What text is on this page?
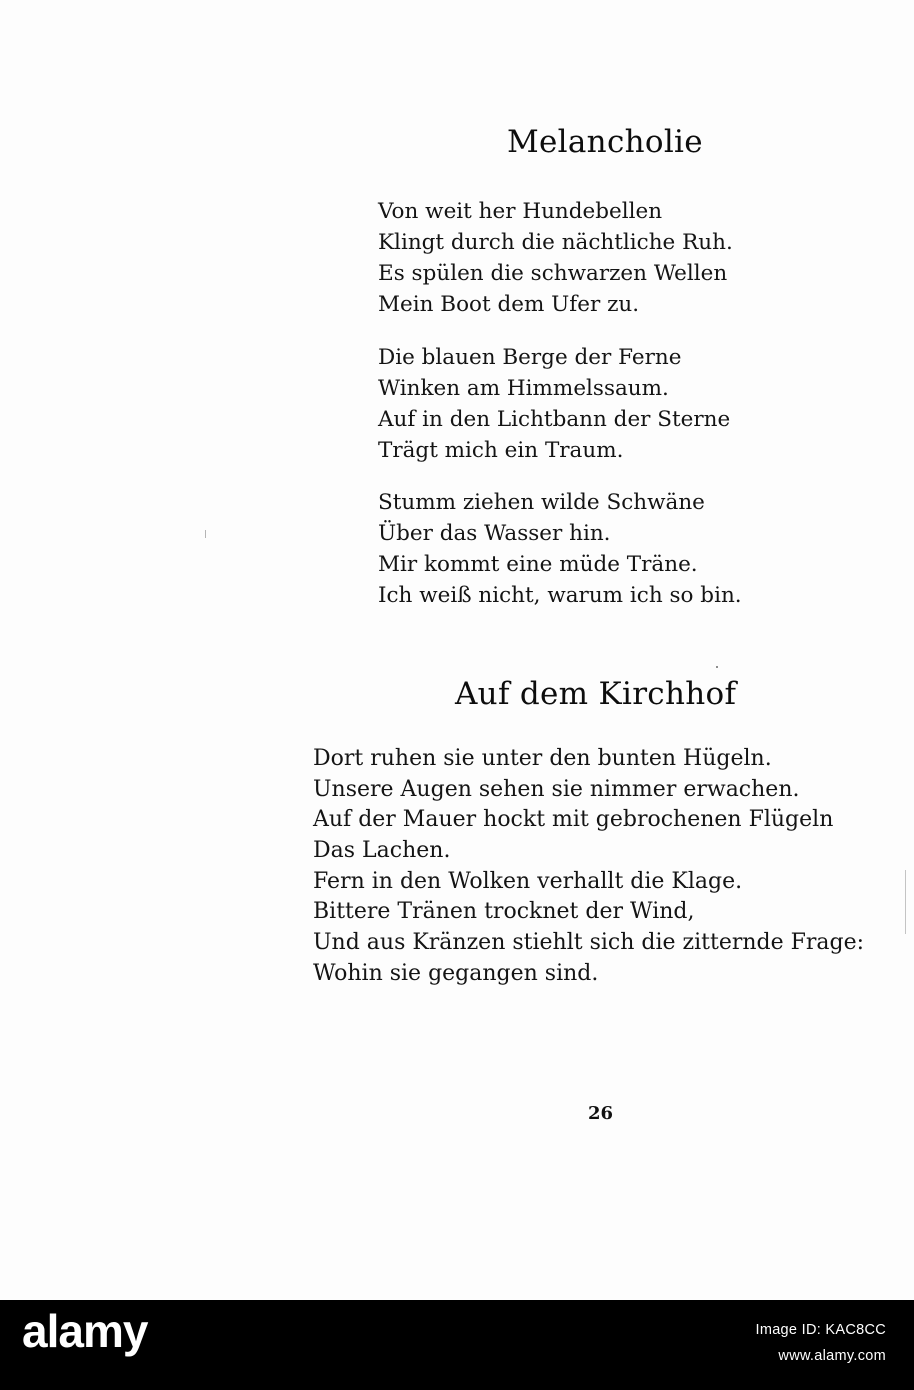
Melancholie
Von weit her Hundebellen
Klingt durch die nächtliche Ruh.
Es spülen die schwarzen Wellen
Mein Boot dem Ufer zu.
Die blauen Berge der Ferne
Winken am Himmelssaum.
Auf in den Lichtbann der Sterne
Trägt mich ein Traum.
Stumm ziehen wilde Schwäne
Über das Wasser hin.
Mir kommt eine müde Träne.
Ich weiß nicht, warum ich so bin.
Auf dem Kirchhof
Dort ruhen sie unter den bunten Hügeln.
Unsere Augen sehen sie nimmer erwachen.
Auf der Mauer hockt mit gebrochenen Flügeln
Das Lachen.
Fern in den Wolken verhallt die Klage.
Bittere Tränen trocknet der Wind,
Und aus Kränzen stiehlt sich die zitternde Frage:
Wohin sie gegangen sind.
26
alamy	Image ID: KAC8CC
www.alamy.com
